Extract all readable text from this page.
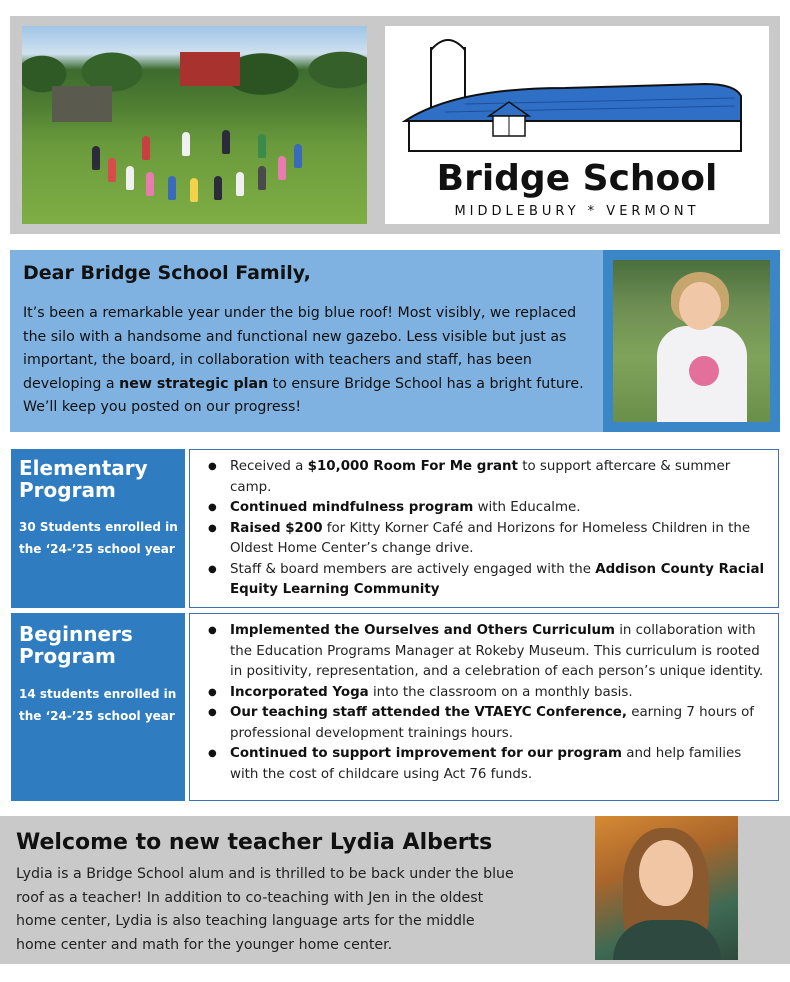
Bridge School
MIDDLEBURY * VERMONT
Dear Bridge School Family,
It’s been a remarkable year under the big blue roof! Most visibly, we replaced the silo with a handsome and functional new gazebo. Less visible but just as important, the board, in collaboration with teachers and staff, has been developing a new strategic plan to ensure Bridge School has a bright future. We’ll keep you posted on our progress!
Elementary
Program
30 Students enrolled in
the ‘24-’25 school year
● Received a $10,000 Room For Me grant to support aftercare & summer camp.
● Continued mindfulness program with Educalme.
● Raised $200 for Kitty Korner Café and Horizons for Homeless Children in the Oldest Home Center’s change drive.
● Staff & board members are actively engaged with the Addison County Racial Equity Learning Community
Beginners
Program
14 students enrolled in
the ‘24-’25 school year
● Implemented the Ourselves and Others Curriculum in collaboration with the Education Programs Manager at Rokeby Museum. This curriculum is rooted in positivity, representation, and a celebration of each person’s unique identity.
● Incorporated Yoga into the classroom on a monthly basis.
● Our teaching staff attended the VTAEYC Conference, earning 7 hours of professional development trainings hours.
● Continued to support improvement for our program and help families with the cost of childcare using Act 76 funds.
Welcome to new teacher Lydia Alberts
Lydia is a Bridge School alum and is thrilled to be back under the blue roof as a teacher! In addition to co-teaching with Jen in the oldest home center, Lydia is also teaching language arts for the middle home center and math for the younger home center.
